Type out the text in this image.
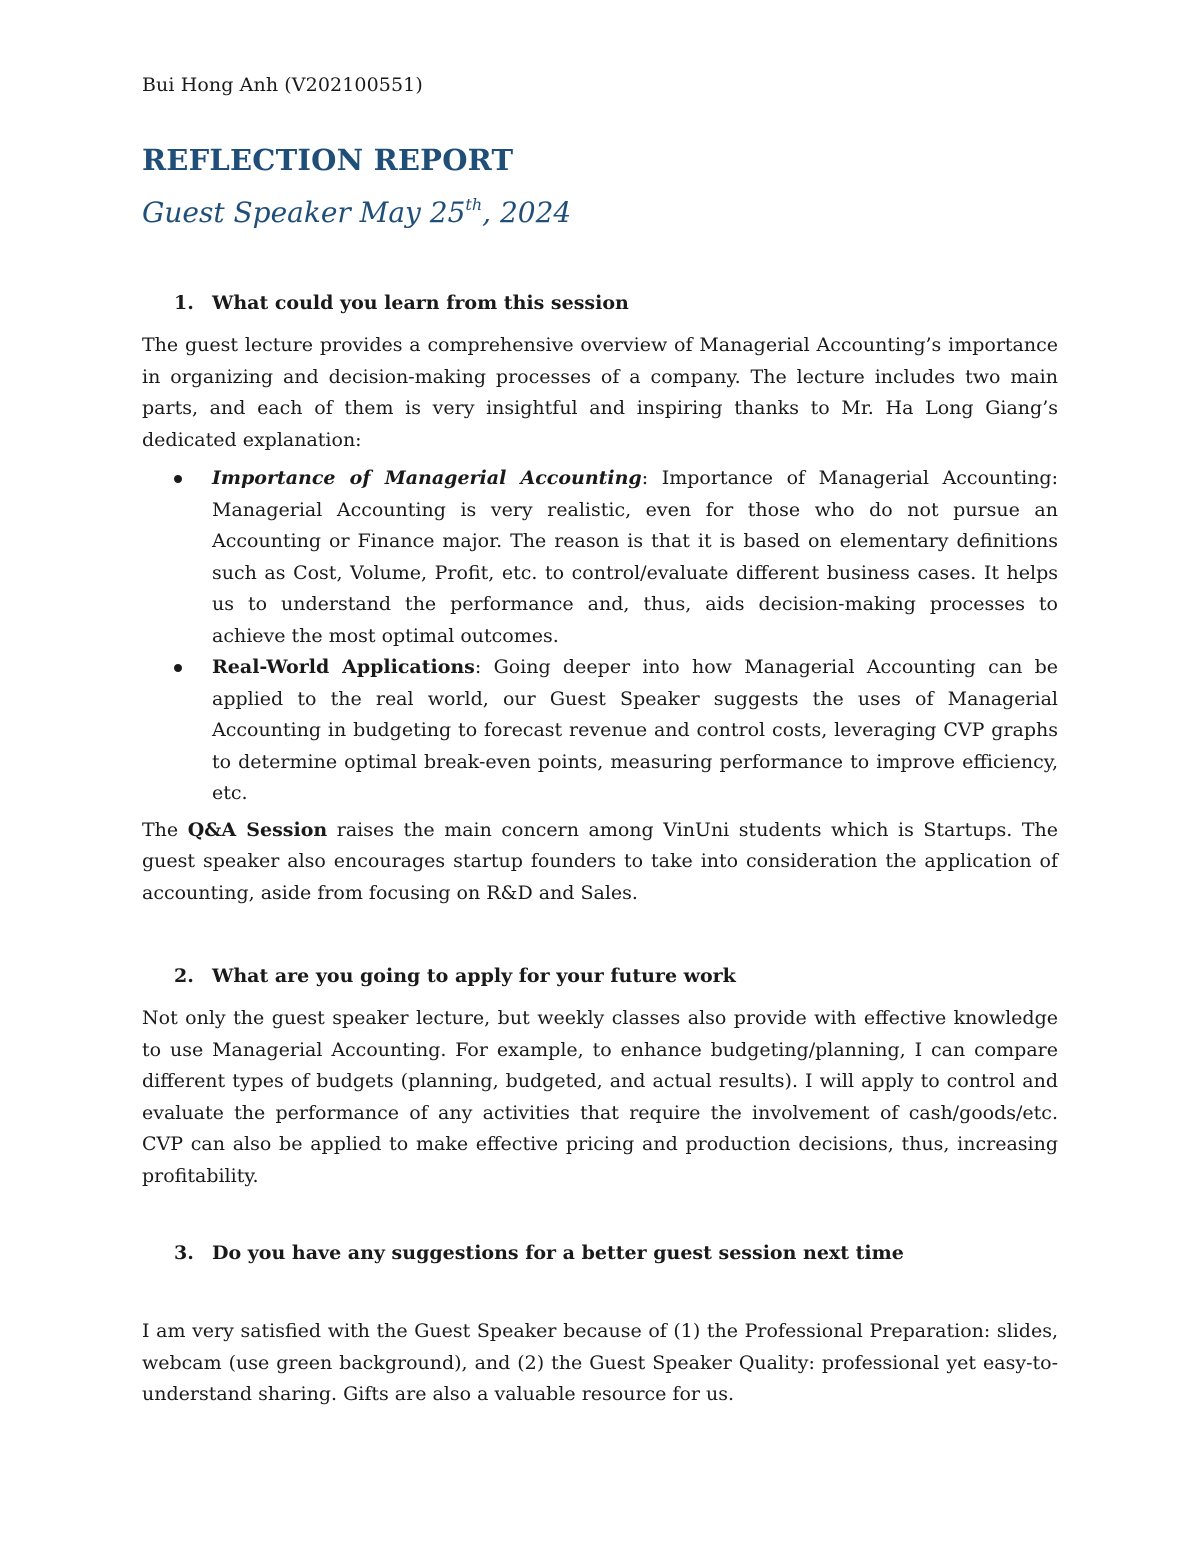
Bui Hong Anh (V202100551)
REFLECTION REPORT
Guest Speaker May 25th, 2024
1. What could you learn from this session

The guest lecture provides a comprehensive overview of Managerial Accounting’s importance in organizing and decision-making processes of a company. The lecture includes two main parts, and each of them is very insightful and inspiring thanks to Mr. Ha Long Giang’s dedicated explanation:

Importance of Managerial Accounting: Importance of Managerial Accounting: Managerial Accounting is very realistic, even for those who do not pursue an Accounting or Finance major. The reason is that it is based on elementary definitions such as Cost, Volume, Profit, etc. to control/evaluate different business cases. It helps us to understand the performance and, thus, aids decision-making processes to achieve the most optimal outcomes.
Real-World Applications: Going deeper into how Managerial Accounting can be applied to the real world, our Guest Speaker suggests the uses of Managerial Accounting in budgeting to forecast revenue and control costs, leveraging CVP graphs to determine optimal break-even points, measuring performance to improve efficiency, etc.

The Q&A Session raises the main concern among VinUni students which is Startups. The guest speaker also encourages startup founders to take into consideration the application of accounting, aside from focusing on R&D and Sales.

2. What are you going to apply for your future work

Not only the guest speaker lecture, but weekly classes also provide with effective knowledge to use Managerial Accounting. For example, to enhance budgeting/planning, I can compare different types of budgets (planning, budgeted, and actual results). I will apply to control and evaluate the performance of any activities that require the involvement of cash/goods/etc. CVP can also be applied to make effective pricing and production decisions, thus, increasing profitability.

3. Do you have any suggestions for a better guest session next time

I am very satisfied with the Guest Speaker because of (1) the Professional Preparation: slides, webcam (use green background), and (2) the Guest Speaker Quality: professional yet easy-to-understand sharing. Gifts are also a valuable resource for us.
